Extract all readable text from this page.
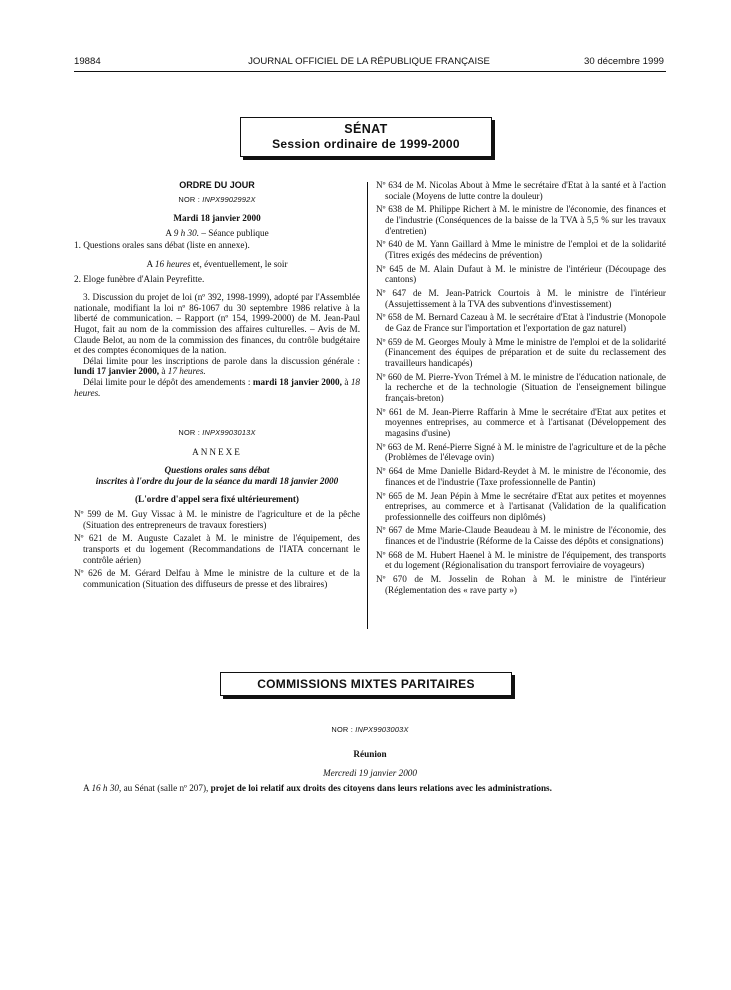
19884	JOURNAL OFFICIEL DE LA RÉPUBLIQUE FRANÇAISE	30 décembre 1999
SÉNAT
Session ordinaire de 1999-2000
ORDRE DU JOUR
NOR : INPX9902992X
Mardi 18 janvier 2000
A 9 h 30. – Séance publique
1. Questions orales sans débat (liste en annexe).
A 16 heures et, éventuellement, le soir
2. Eloge funèbre d'Alain Peyrefitte.
3. Discussion du projet de loi (nº 392, 1998-1999), adopté par l'Assemblée nationale, modifiant la loi nº 86-1067 du 30 septembre 1986 relative à la liberté de communication. – Rapport (nº 154, 1999-2000) de M. Jean-Paul Hugot, fait au nom de la commission des affaires culturelles. – Avis de M. Claude Belot, au nom de la commission des finances, du contrôle budgétaire et des comptes économiques de la nation.
Délai limite pour les inscriptions de parole dans la discussion générale : lundi 17 janvier 2000, à 17 heures.
Délai limite pour le dépôt des amendements : mardi 18 janvier 2000, à 18 heures.
NOR : INPX9903013X
ANNEXE
Questions orales sans débat
inscrites à l'ordre du jour de la séance du mardi 18 janvier 2000
(L'ordre d'appel sera fixé ultérieurement)
Nº 599 de M. Guy Vissac à M. le ministre de l'agriculture et de la pêche (Situation des entrepreneurs de travaux forestiers)
Nº 621 de M. Auguste Cazalet à M. le ministre de l'équipement, des transports et du logement (Recommandations de l'IATA concernant le contrôle aérien)
Nº 626 de M. Gérard Delfau à Mme le ministre de la culture et de la communication (Situation des diffuseurs de presse et des libraires)
Nº 634 de M. Nicolas About à Mme le secrétaire d'Etat à la santé et à l'action sociale (Moyens de lutte contre la douleur)
Nº 638 de M. Philippe Richert à M. le ministre de l'économie, des finances et de l'industrie (Conséquences de la baisse de la TVA à 5,5 % sur les travaux d'entretien)
Nº 640 de M. Yann Gaillard à Mme le ministre de l'emploi et de la solidarité (Titres exigés des médecins de prévention)
Nº 645 de M. Alain Dufaut à M. le ministre de l'intérieur (Découpage des cantons)
Nº 647 de M. Jean-Patrick Courtois à M. le ministre de l'intérieur (Assujettissement à la TVA des subventions d'investissement)
Nº 658 de M. Bernard Cazeau à M. le secrétaire d'Etat à l'industrie (Monopole de Gaz de France sur l'importation et l'exportation de gaz naturel)
Nº 659 de M. Georges Mouly à Mme le ministre de l'emploi et de la solidarité (Financement des équipes de préparation et de suite du reclassement des travailleurs handicapés)
Nº 660 de M. Pierre-Yvon Trémel à M. le ministre de l'éducation nationale, de la recherche et de la technologie (Situation de l'enseignement bilingue français-breton)
Nº 661 de M. Jean-Pierre Raffarin à Mme le secrétaire d'Etat aux petites et moyennes entreprises, au commerce et à l'artisanat (Développement des magasins d'usine)
Nº 663 de M. René-Pierre Signé à M. le ministre de l'agriculture et de la pêche (Problèmes de l'élevage ovin)
Nº 664 de Mme Danielle Bidard-Reydet à M. le ministre de l'économie, des finances et de l'industrie (Taxe professionnelle de Pantin)
Nº 665 de M. Jean Pépin à Mme le secrétaire d'Etat aux petites et moyennes entreprises, au commerce et à l'artisanat (Validation de la qualification professionnelle des coiffeurs non diplômés)
Nº 667 de Mme Marie-Claude Beaudeau à M. le ministre de l'économie, des finances et de l'industrie (Réforme de la Caisse des dépôts et consignations)
Nº 668 de M. Hubert Haenel à M. le ministre de l'équipement, des transports et du logement (Régionalisation du transport ferroviaire de voyageurs)
Nº 670 de M. Josselin de Rohan à M. le ministre de l'intérieur (Réglementation des « rave party »)
COMMISSIONS MIXTES PARITAIRES
NOR : INPX9903003X
Réunion
Mercredi 19 janvier 2000
A 16 h 30, au Sénat (salle nº 207), projet de loi relatif aux droits des citoyens dans leurs relations avec les administrations.
